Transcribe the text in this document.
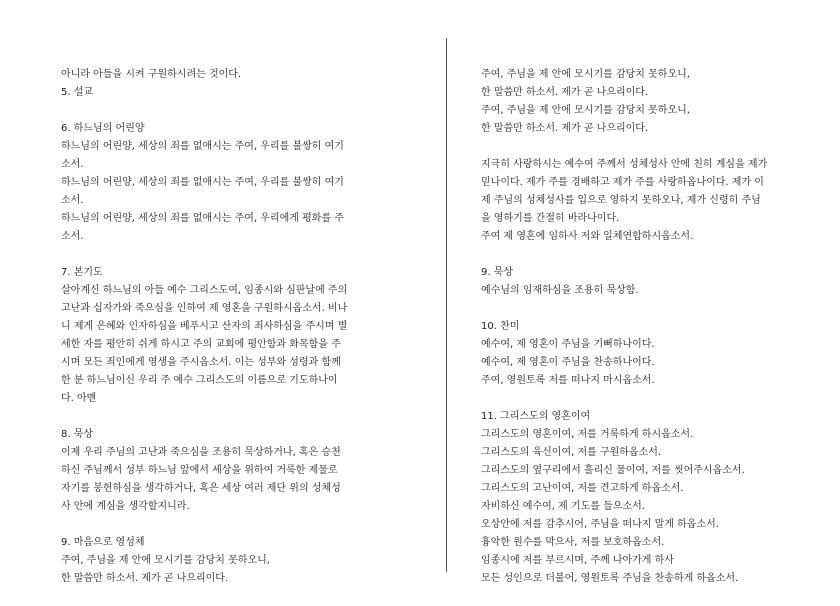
아니라 아들을 시켜 구원하시려는 것이다.
5. 설교
6. 하느님의 어린양
하느님의 어린양, 세상의 죄를 없애시는 주여, 우리를 불쌍히 여기
소서.
하느님의 어린양, 세상의 죄를 없애시는 주여, 우리를 불쌍히 여기
소서.
하느님의 어린양, 세상의 죄를 없애시는 주여, 우리에게 평화를 주
소서.
7. 본기도
살아계신 하느님의 아들 예수 그리스도여, 임종시와 심판날에 주의
고난과 십자가와 죽으심을 인하여 제 영혼을 구원하시옵소서. 비나
니 제게 은혜와 인자하심을 베푸시고 산자의 죄사하심을 주시며 별
세한 자를 평안히 쉬게 하시고 주의 교회에 평안함과 화목함을 주
시며 모든 죄인에게 영생을 주시옵소서. 이는 성부와 성령과 함께
한 분 하느님이신 우리 주 예수 그리스도의 이름으로 기도하나이
다. 아멘
8. 묵상
이제 우리 주님의 고난과 죽으심을 조용히 묵상하거나, 혹은 승천
하신 주님께서 성부 하느님 앞에서 세상을 위하여 거룩한 제물로
자기를 봉헌하심을 생각하거나, 혹은 세상 여러 제단 위의 성체성
사 안에 계심을 생각할지니라.
9. 마음으로 영성체
주여, 주님을 제 안에 모시기를 감당치 못하오니,
한 말씀만 하소서. 제가 곧 나으리이다.
주여, 주님을 제 안에 모시기를 감당치 못하오니,
한 말씀만 하소서. 제가 곧 나으리이다.
주여, 주님을 제 안에 모시기를 감당치 못하오니,
한 말씀만 하소서. 제가 곧 나으리이다.
지극히 사랑하시는 예수여 주께서 성체성사 안에 친히 계심을 제가
믿나이다. 제가 주를 경배하고 제가 주를 사랑하옵나이다. 제가 이
제 주님의 성체성사를 입으로 영하지 못하오나, 제가 신령히 주님
을 영하기를 간절히 바라나이다.
주여 제 영혼에 임하사 저와 일체연합하시옵소서.
9. 묵상
예수님의 임재하심을 조용히 묵상함.
10. 찬미
예수여, 제 영혼이 주님을 기뻐하나이다.
예수여, 제 영혼이 주님을 찬송하나이다.
주여, 영원토록 저를 떠나지 마시옵소서.
11. 그리스도의 영혼이여
그리스도의 영혼이여, 저를 거룩하게 하시옵소서.
그리스도의 육신이여, 저를 구원하옵소서.
그리스도의 옆구리에서 흘리신 물이여, 저를 씻어주시옵소서.
그리스도의 고난이여, 저를 견고하게 하옵소서.
자비하신 예수여, 제 기도를 들으소서.
오상안에 저를 감추시어, 주님을 떠나지 말게 하옵소서.
흉악한 원수를 막으사, 저를 보호하옵소서.
임종시에 저를 부르시며, 주께 나아가게 하사
모든 성인으로 더불어, 영원토록 주님을 찬송하게 하옵소서.
